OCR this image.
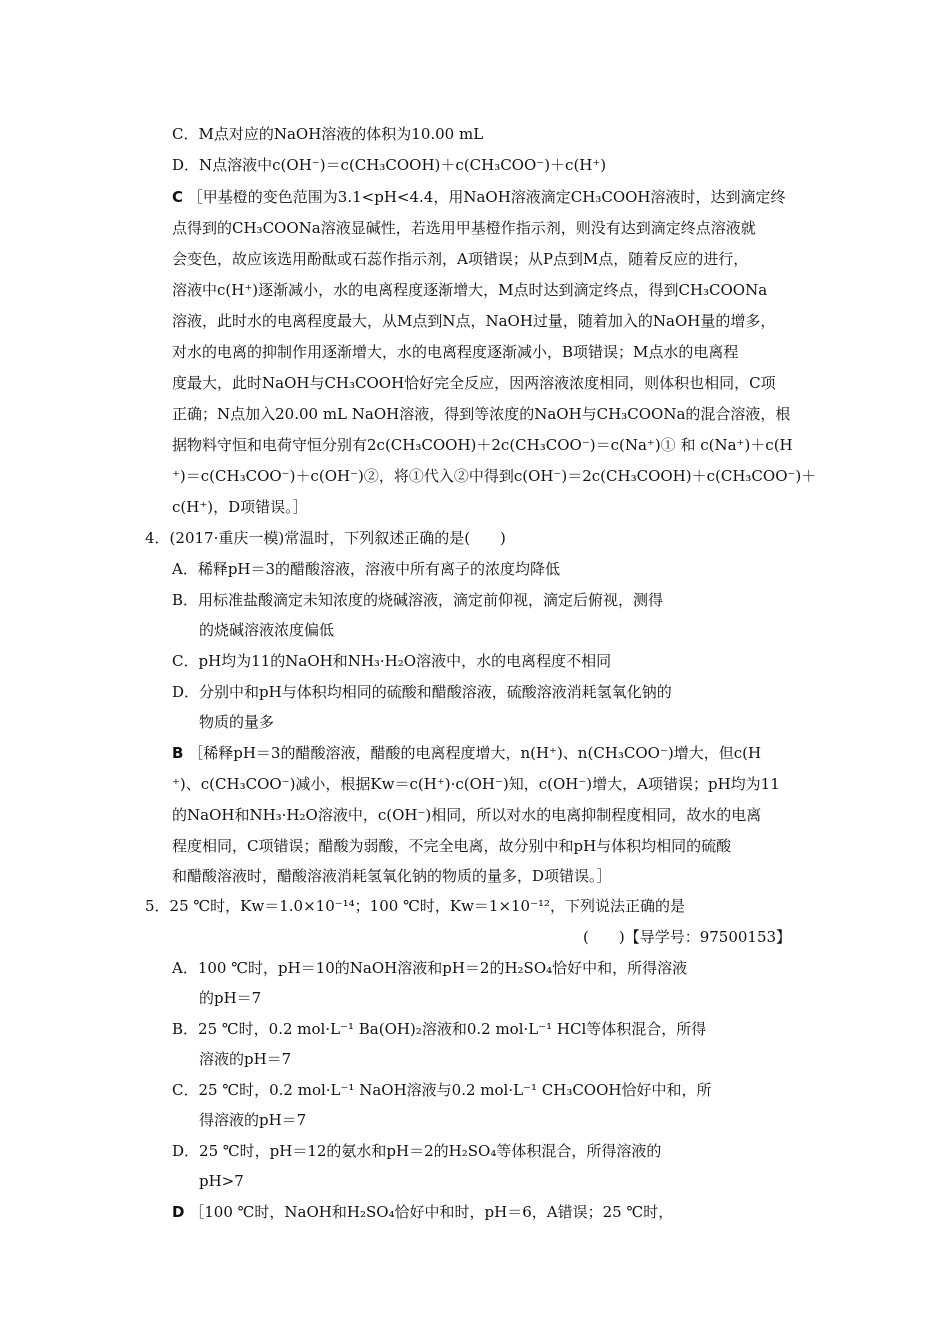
C．M点对应的NaOH溶液的体积为10.00 mL
D．N点溶液中c(OH⁻)＝c(CH₃COOH)＋c(CH₃COO⁻)＋c(H⁺)
C ［甲基橙的变色范围为3.1<pH<4.4，用NaOH溶液滴定CH₃COOH溶液时，达到滴定终
点得到的CH₃COONa溶液显碱性，若选用甲基橙作指示剂，则没有达到滴定终点溶液就
会变色，故应该选用酚酞或石蕊作指示剂，A项错误；从P点到M点，随着反应的进行，
溶液中c(H⁺)逐渐减小，水的电离程度逐渐增大，M点时达到滴定终点，得到CH₃COONa
溶液，此时水的电离程度最大，从M点到N点，NaOH过量，随着加入的NaOH量的增多，
对水的电离的抑制作用逐渐增大，水的电离程度逐渐减小，B项错误；M点水的电离程
度最大，此时NaOH与CH₃COOH恰好完全反应，因两溶液浓度相同，则体积也相同，C项
正确；N点加入20.00 mL NaOH溶液，得到等浓度的NaOH与CH₃COONa的混合溶液，根
据物料守恒和电荷守恒分别有2c(CH₃COOH)＋2c(CH₃COO⁻)＝c(Na⁺)① 和 c(Na⁺)＋c(H
⁺)＝c(CH₃COO⁻)＋c(OH⁻)②，将①代入②中得到c(OH⁻)＝2c(CH₃COOH)＋c(CH₃COO⁻)＋
c(H⁺)，D项错误。］
4．(2017·重庆一模)常温时，下列叙述正确的是(　　)
A．稀释pH＝3的醋酸溶液，溶液中所有离子的浓度均降低
B．用标准盐酸滴定未知浓度的烧碱溶液，滴定前仰视，滴定后俯视，测得
的烧碱溶液浓度偏低
C．pH均为11的NaOH和NH₃·H₂O溶液中，水的电离程度不相同
D．分别中和pH与体积均相同的硫酸和醋酸溶液，硫酸溶液消耗氢氧化钠的
物质的量多
B ［稀释pH＝3的醋酸溶液，醋酸的电离程度增大，n(H⁺)、n(CH₃COO⁻)增大，但c(H
⁺)、c(CH₃COO⁻)减小，根据Kw＝c(H⁺)·c(OH⁻)知，c(OH⁻)增大，A项错误；pH均为11
的NaOH和NH₃·H₂O溶液中，c(OH⁻)相同，所以对水的电离抑制程度相同，故水的电离
程度相同，C项错误；醋酸为弱酸，不完全电离，故分别中和pH与体积均相同的硫酸
和醋酸溶液时，醋酸溶液消耗氢氧化钠的物质的量多，D项错误。］
5．25 ℃时，Kw＝1.0×10⁻¹⁴；100 ℃时，Kw＝1×10⁻¹²，下列说法正确的是
(　　)【导学号：97500153】
A．100 ℃时，pH＝10的NaOH溶液和pH＝2的H₂SO₄恰好中和，所得溶液
的pH＝7
B．25 ℃时，0.2 mol·L⁻¹ Ba(OH)₂溶液和0.2 mol·L⁻¹ HCl等体积混合，所得
溶液的pH＝7
C．25 ℃时，0.2 mol·L⁻¹ NaOH溶液与0.2 mol·L⁻¹ CH₃COOH恰好中和，所
得溶液的pH＝7
D．25 ℃时，pH＝12的氨水和pH＝2的H₂SO₄等体积混合，所得溶液的
pH>7
D ［100 ℃时，NaOH和H₂SO₄恰好中和时，pH＝6，A错误；25 ℃时，
